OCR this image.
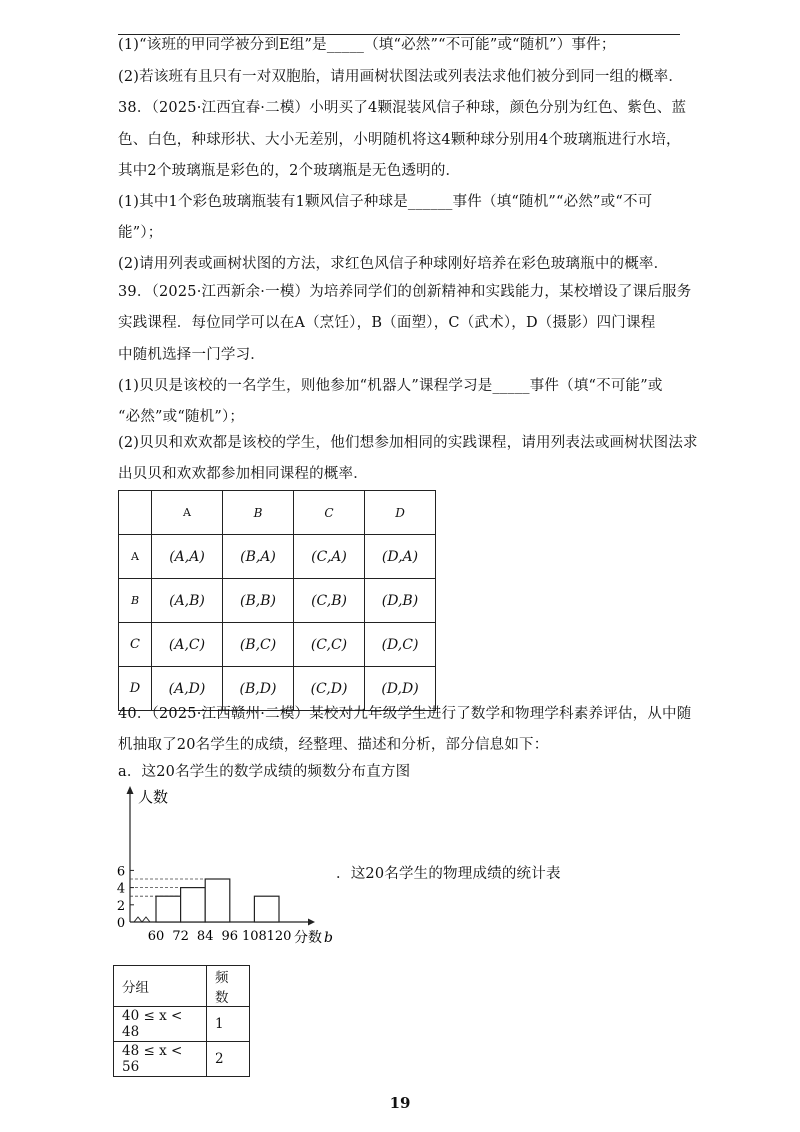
(1)“该班的甲同学被分到E组”是_____（填“必然”“不可能”或“随机”）事件；
(2)若该班有且只有一对双胞胎，请用画树状图法或列表法求他们被分到同一组的概率．
38．（2025·江西宜春·二模）小明买了4颗混装风信子种球，颜色分别为红色、紫色、蓝
色、白色，种球形状、大小无差别，小明随机将这4颗种球分别用4个玻璃瓶进行水培，
其中2个玻璃瓶是彩色的，2个玻璃瓶是无色透明的．
(1)其中1个彩色玻璃瓶装有1颗风信子种球是______事件（填“随机”“必然”或“不可
能”）；
(2)请用列表或画树状图的方法，求红色风信子种球刚好培养在彩色玻璃瓶中的概率．
39．（2025·江西新余·一模）为培养同学们的创新精神和实践能力，某校增设了课后服务
实践课程．每位同学可以在A（烹饪），B（面塑），C（武术），D（摄影）四门课程
中随机选择一门学习．
(1)贝贝是该校的一名学生，则他参加“机器人”课程学习是_____事件（填“不可能”或
“必然”或“随机”）；
(2)贝贝和欢欢都是该校的学生，他们想参加相同的实践课程，请用列表法或画树状图法求
出贝贝和欢欢都参加相同课程的概率．
	A	B	C	D
A	(A,A)	(B,A)	(C,A)	(D,A)
B	(A,B)	(B,B)	(C,B)	(D,B)
C	(A,C)	(B,C)	(C,C)	(D,C)
D	(A,D)	(B,D)	(C,D)	(D,D)
40．（2025·江西赣州·二模）某校对九年级学生进行了数学和物理学科素养评估，从中随
机抽取了20名学生的成绩，经整理、描述和分析，部分信息如下：
a．这20名学生的数学成绩的频数分布直方图
0
2
4
6
60 72 84 96 108 120
人数
分数 b
．这20名学生的物理成绩的统计表
分组	频数
40 ≤ x < 48	1
48 ≤ x < 56	2
19
